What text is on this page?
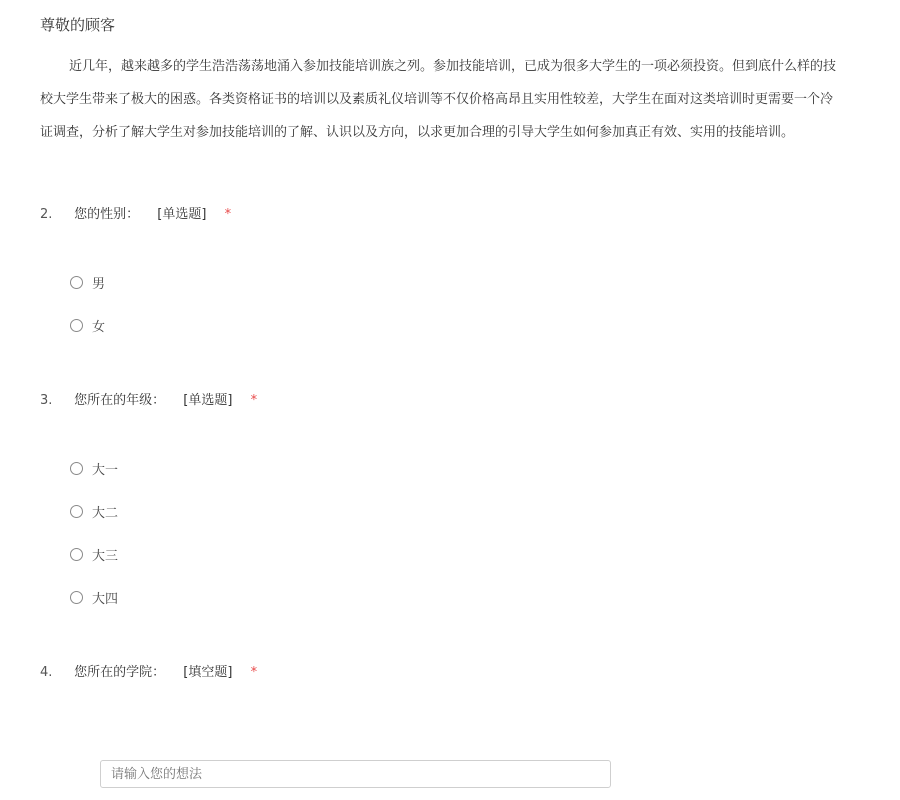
尊敬的顾客
近几年，越来越多的学生浩浩荡荡地涌入参加技能培训族之列。参加技能培训，已成为很多大学生的一项必须投资。但到底什么样的技
校大学生带来了极大的困惑。各类资格证书的培训以及素质礼仪培训等不仅价格高昂且实用性较差，大学生在面对这类培训时更需要一个冷
证调查，分析了解大学生对参加技能培训的了解、认识以及方向，以求更加合理的引导大学生如何参加真正有效、实用的技能培训。
2. 您的性别： [单选题] *
男
女
3. 您所在的年级： [单选题] *
大一
大二
大三
大四
4. 您所在的学院： [填空题] *
请输入您的想法
